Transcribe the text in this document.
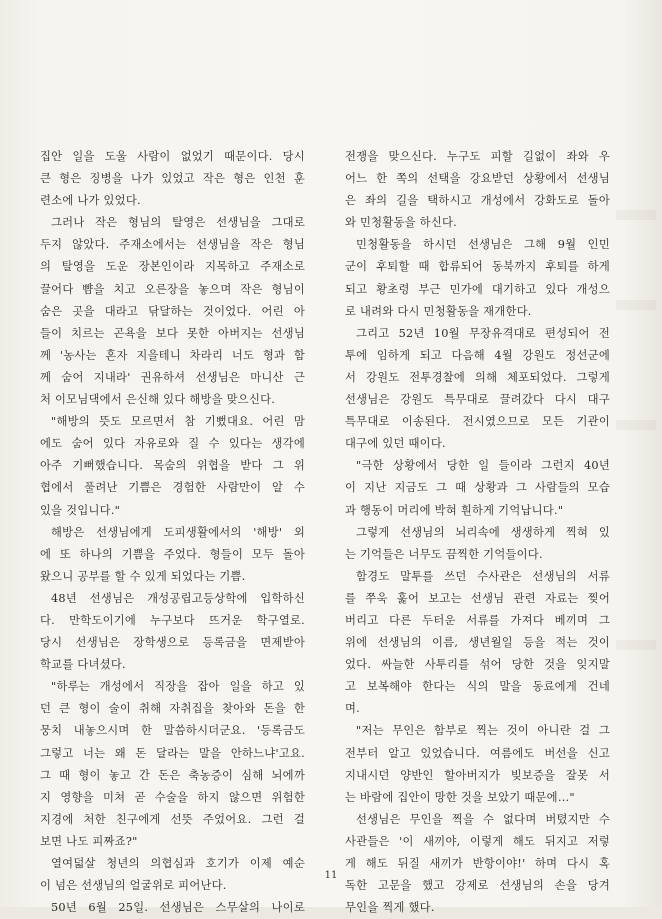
집안 일을 도울 사람이 없었기 때문이다. 당시

큰 형은 징병을 나가 있었고 작은 형은 인천 훈

련소에 나가 있었다.

그러나 작은 형님의 탈영은 선생님을 그대로

두지 않았다. 주재소에서는 선생님을 작은 형님

의 탈영을 도운 장본인이라 지목하고 주재소로

끌어다 뺨을 치고 오른장을 놓으며 작은 형님이

숨은 곳을 대라고 닦달하는 것이었다. 어린 아

들이 치르는 곤욕을 보다 못한 아버지는 선생님

께 '농사는 혼자 지을테니 차라리 너도 형과 함

께 숨어 지내라' 권유하셔 선생님은 마니산 근

처 이모님댁에서 은신해 있다 해방을 맞으신다.

"해방의 뜻도 모르면서 참 기뻤대요. 어린 맘

에도 숨어 있다 자유로와 질 수 있다는 생각에

아주 기뻐했습니다. 목숨의 위협을 받다 그 위

협에서 풀려난 기쁨은 경험한 사람만이 알 수

있을 것입니다."

해방은 선생님에게 도피생활에서의 '해방' 외

에 또 하나의 기쁨을 주었다. 형들이 모두 돌아

왔으니 공부를 할 수 있게 되었다는 기쁨.

48년 선생님은 개성공립고등상학에 입학하신

다. 만학도이기에 누구보다 뜨거운 학구열로.

당시 선생님은 장학생으로 등록금을 면제받아

학교를 다녀셨다.

"하루는 개성에서 직장을 잡아 일을 하고 있

던 큰 형이 술이 취해 자취집을 찾아와 돈을 한

뭉치 내놓으시며 한 말씀하시더군요. '등록금도

그렇고 너는 왜 돈 달라는 말을 안하느냐'고요.

그 때 형이 놓고 간 돈은 축농증이 심해 뇌에까

지 영향을 미쳐 곧 수술을 하지 않으면 위험한

지경에 처한 친구에게 선뜻 주었어요. 그런 걸

보면 나도 피짜죠?"

열여덟살 청년의 의협심과 호기가 이제 예순

이 넘은 선생님의 얼굴위로 피어난다.

50년 6월 25일. 선생님은 스무살의 나이로

전쟁을 맞으신다. 누구도 피할 길없이 좌와 우

어느 한 쪽의 선택을 강요받던 상황에서 선생님

은 좌의 길을 택하시고 개성에서 강화도로 돌아

와 민청활동을 하신다.

민청활동을 하시던 선생님은 그해 9월 인민

군이 후퇴할 때 합류되어 동북까지 후퇴를 하게

되고 황초령 부근 민가에 대기하고 있다 개성으

로 내려와 다시 민청활동을 재개한다.

그리고 52년 10월 무장유격대로 편성되어 전

투에 임하게 되고 다음해 4월 강원도 정선군에

서 강원도 전투경찰에 의해 체포되었다. 그렇게

선생님은 강원도 특무대로 끌려갔다 다시 대구

특무대로 이송된다. 전시였으므로 모든 기관이

대구에 있던 때이다.

"극한 상황에서 당한 일 들이라 그런지 40년

이 지난 지금도 그 때 상황과 그 사람들의 모습

과 행동이 머리에 박혀 훤하게 기억납니다."

그렇게 선생님의 뇌리속에 생생하게 찍혀 있

는 기억들은 너무도 끔찍한 기억들이다.

함경도 말투를 쓰던 수사관은 선생님의 서류

를 쭈욱 훑어 보고는 선생님 관련 자료는 찢어

버리고 다른 두터운 서류를 가져다 베끼며 그

위에 선생님의 이름, 생년월일 등을 적는 것이

었다. 싸늘한 사투리를 섞어 당한 것을 잊지말

고 보복해야 한다는 식의 말을 동료에게 건네

며.

"저는 무인은 함부로 찍는 것이 아니란 걸 그

전부터 알고 있었습니다. 여름에도 버선을 신고

지내시던 양반인 할아버지가 빚보증을 잘못 서

는 바람에 집안이 망한 것을 보았기 때문에…"

선생님은 무인을 찍을 수 없다며 버텼지만 수

사관들은 '이 새끼야, 이렇게 해도 뒤지고 저렇

게 해도 뒤질 새끼가 반항이야!' 하며 다시 혹

독한 고문을 했고 강제로 선생님의 손을 당겨

무인을 찍게 했다.

11
